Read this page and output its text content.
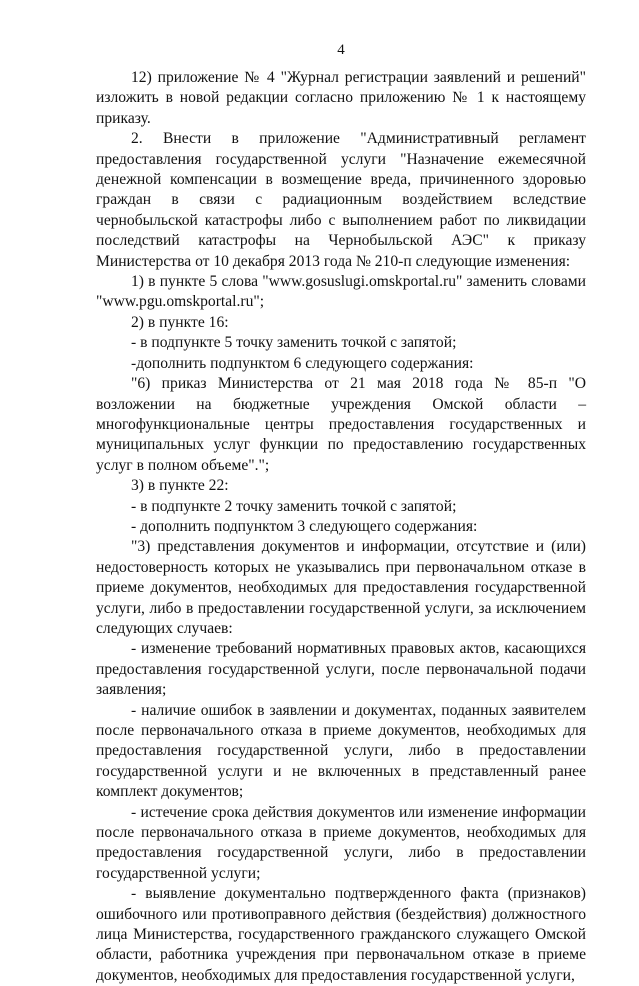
4

12) приложение № 4 "Журнал регистрации заявлений и решений" изложить в новой редакции согласно приложению № 1 к настоящему приказу.

2. Внести в приложение "Административный регламент предоставления государственной услуги "Назначение ежемесячной денежной компенсации в возмещение вреда, причиненного здоровью граждан в связи с радиационным воздействием вследствие чернобыльской катастрофы либо с выполнением работ по ликвидации последствий катастрофы на Чернобыльской АЭС" к приказу Министерства от 10 декабря 2013 года № 210-п следующие изменения:

1) в пункте 5 слова "www.gosuslugi.omskportal.ru" заменить словами "www.pgu.omskportal.ru";

2) в пункте 16:

- в подпункте 5 точку заменить точкой с запятой;

-дополнить подпунктом 6 следующего содержания:

"6) приказ Министерства от 21 мая 2018 года № 85-п "О возложении на бюджетные учреждения Омской области – многофункциональные центры предоставления государственных и муниципальных услуг функции по предоставлению государственных услуг в полном объеме".";

3) в пункте 22:

- в подпункте 2 точку заменить точкой с запятой;

- дополнить подпунктом 3 следующего содержания:

"3) представления документов и информации, отсутствие и (или) недостоверность которых не указывались при первоначальном отказе в приеме документов, необходимых для предоставления государственной услуги, либо в предоставлении государственной услуги, за исключением следующих случаев:

- изменение требований нормативных правовых актов, касающихся предоставления государственной услуги, после первоначальной подачи заявления;

- наличие ошибок в заявлении и документах, поданных заявителем после первоначального отказа в приеме документов, необходимых для предоставления государственной услуги, либо в предоставлении государственной услуги и не включенных в представленный ранее комплект документов;

- истечение срока действия документов или изменение информации после первоначального отказа в приеме документов, необходимых для предоставления государственной услуги, либо в предоставлении государственной услуги;

- выявление документально подтвержденного факта (признаков) ошибочного или противоправного действия (бездействия) должностного лица Министерства, государственного гражданского служащего Омской области, работника учреждения при первоначальном отказе в приеме документов, необходимых для предоставления государственной услуги,
